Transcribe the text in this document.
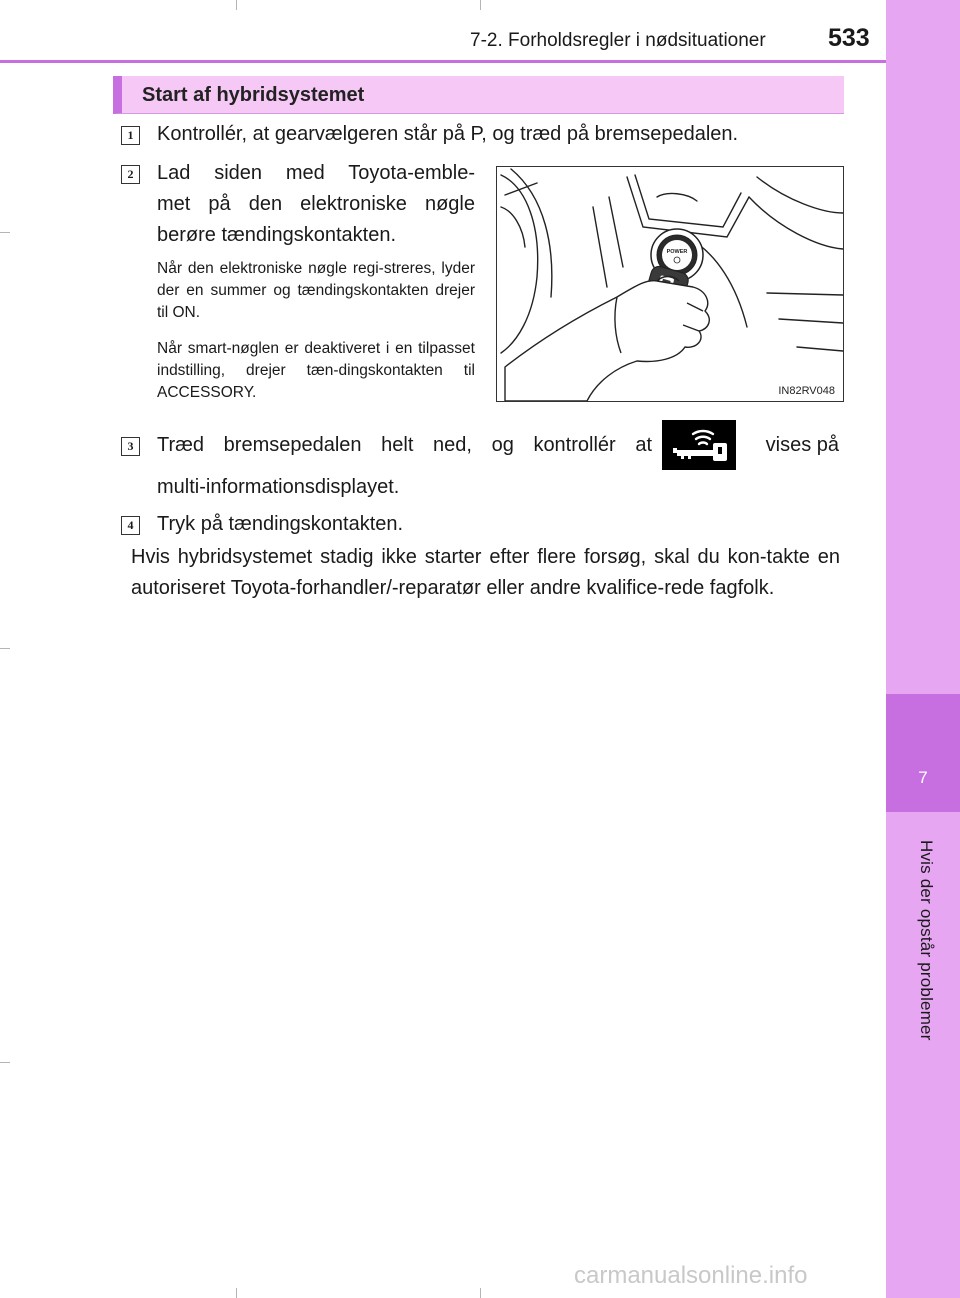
7
Hvis der opstår problemer
7-2. Forholdsregler i nødsituationer 533
Start af hybridsystemet
1	Kontrollér, at gearvælgeren står på P, og træd på bremsepedalen.
2	Lad siden med Toyota-emble-
met på den elektroniske nøgle
berøre tændingskontakten.
Når den elektroniske nøgle regi-streres, lyder der en summer og tændingskontakten drejer til ON.
Når smart-nøglen er deaktiveret i en tilpasset indstilling, drejer tæn-dingskontakten til ACCESSORY.
POWER
IN82RV048
3	Træd bremsepedalen helt ned, og kontrollér at	vises på
multi-informationsdisplayet.
4	Tryk på tændingskontakten.
Hvis hybridsystemet stadig ikke starter efter flere forsøg, skal du kon-takte en autoriseret Toyota-forhandler/-reparatør eller andre kvalifice-rede fagfolk.
carmanualsonline.info
